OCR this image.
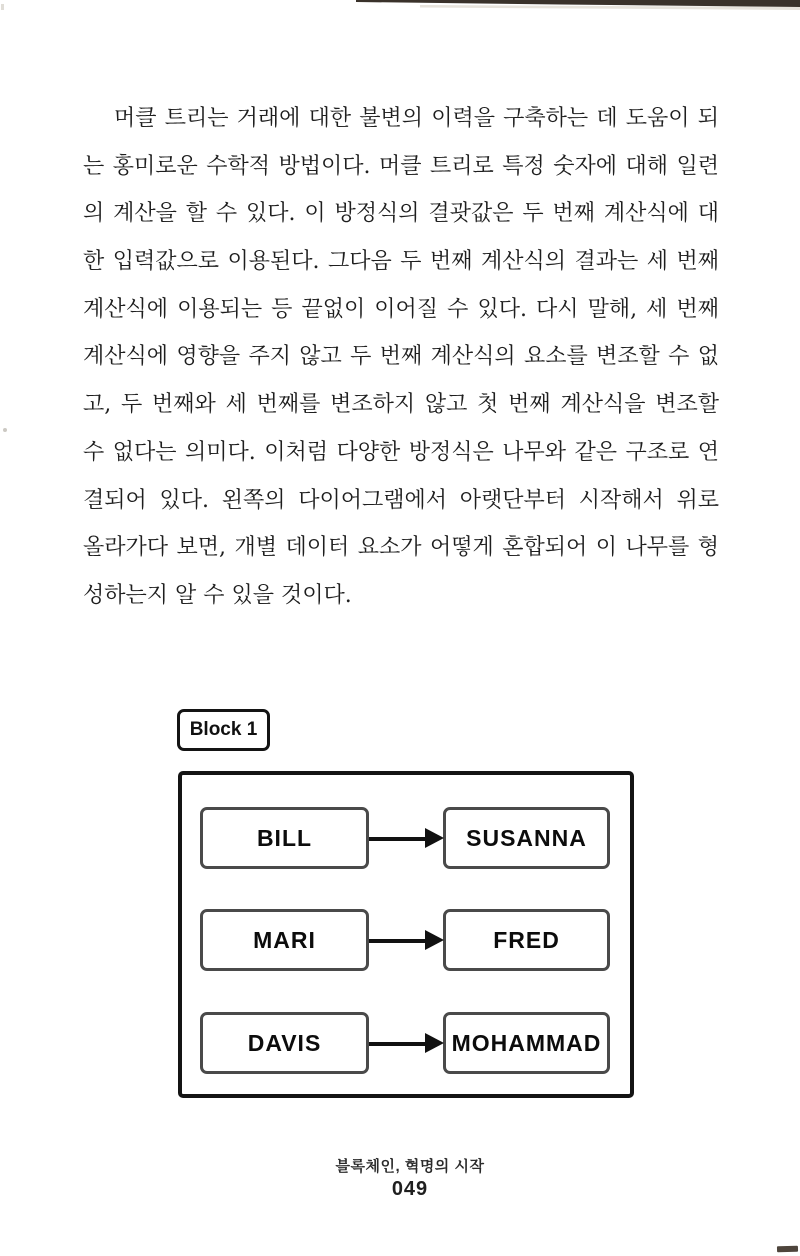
머클 트리는 거래에 대한 불변의 이력을 구축하는 데 도움이 되
는 홍미로운 수학적 방법이다. 머클 트리로 특정 숫자에 대해 일련
의 계산을 할 수 있다. 이 방정식의 결괏값은 두 번째 계산식에 대
한 입력값으로 이용된다. 그다음 두 번째 계산식의 결과는 세 번째
계산식에 이용되는 등 끝없이 이어질 수 있다. 다시 말해, 세 번째
계산식에 영향을 주지 않고 두 번째 계산식의 요소를 변조할 수 없
고, 두 번째와 세 번째를 변조하지 않고 첫 번째 계산식을 변조할
수 없다는 의미다. 이처럼 다양한 방정식은 나무와 같은 구조로 연
결되어 있다. 왼쪽의 다이어그램에서 아랫단부터 시작해서 위로
올라가다 보면, 개별 데이터 요소가 어떻게 혼합되어 이 나무를 형
성하는지 알 수 있을 것이다.
Block 1
BILL	SUSANNA
MARI	FRED
DAVIS	MOHAMMAD
블록체인, 혁명의 시작
049
